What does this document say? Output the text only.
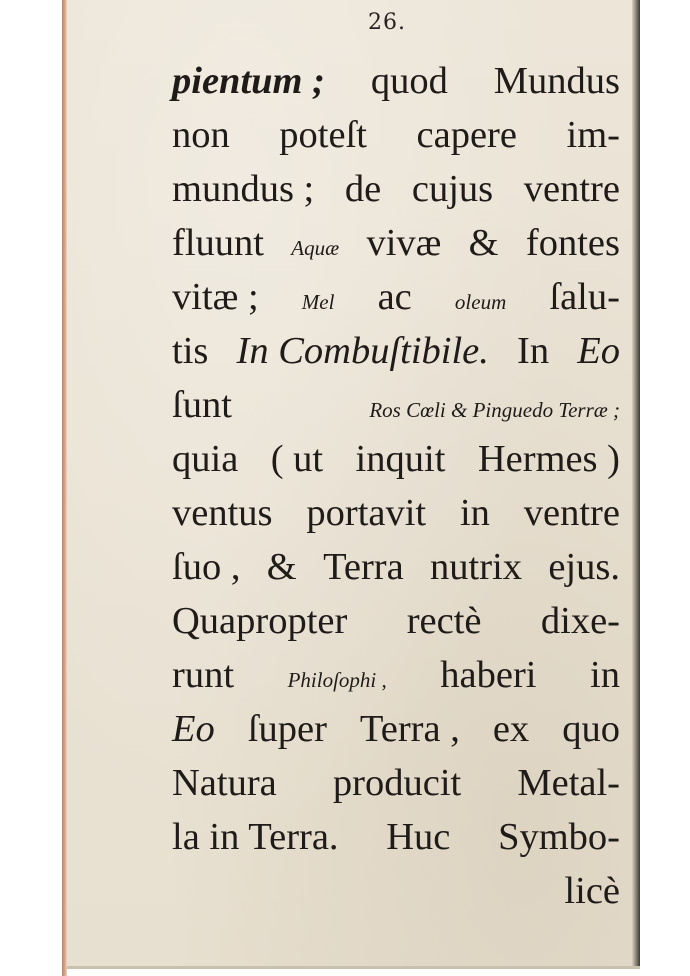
26.
pientum ; quod Mundus
non poteſt capere im-
mundus ; de cujus ventre
fluunt Aquæ vivæ & fontes
vitæ ; Mel ac oleum ſalu-
tis In Combuſtibile. In Eo
ſunt	Ros Cœli & Pinguedo Terræ ;
quia ( ut inquit Hermes )
ventus portavit in ventre
ſuo , & Terra nutrix ejus.
Quapropter rectè dixe-
runt	Philoſophi , haberi in
Eo ſuper Terra , ex quo
Natura producit Metal-
la in Terra. Huc Symbo-
licè
